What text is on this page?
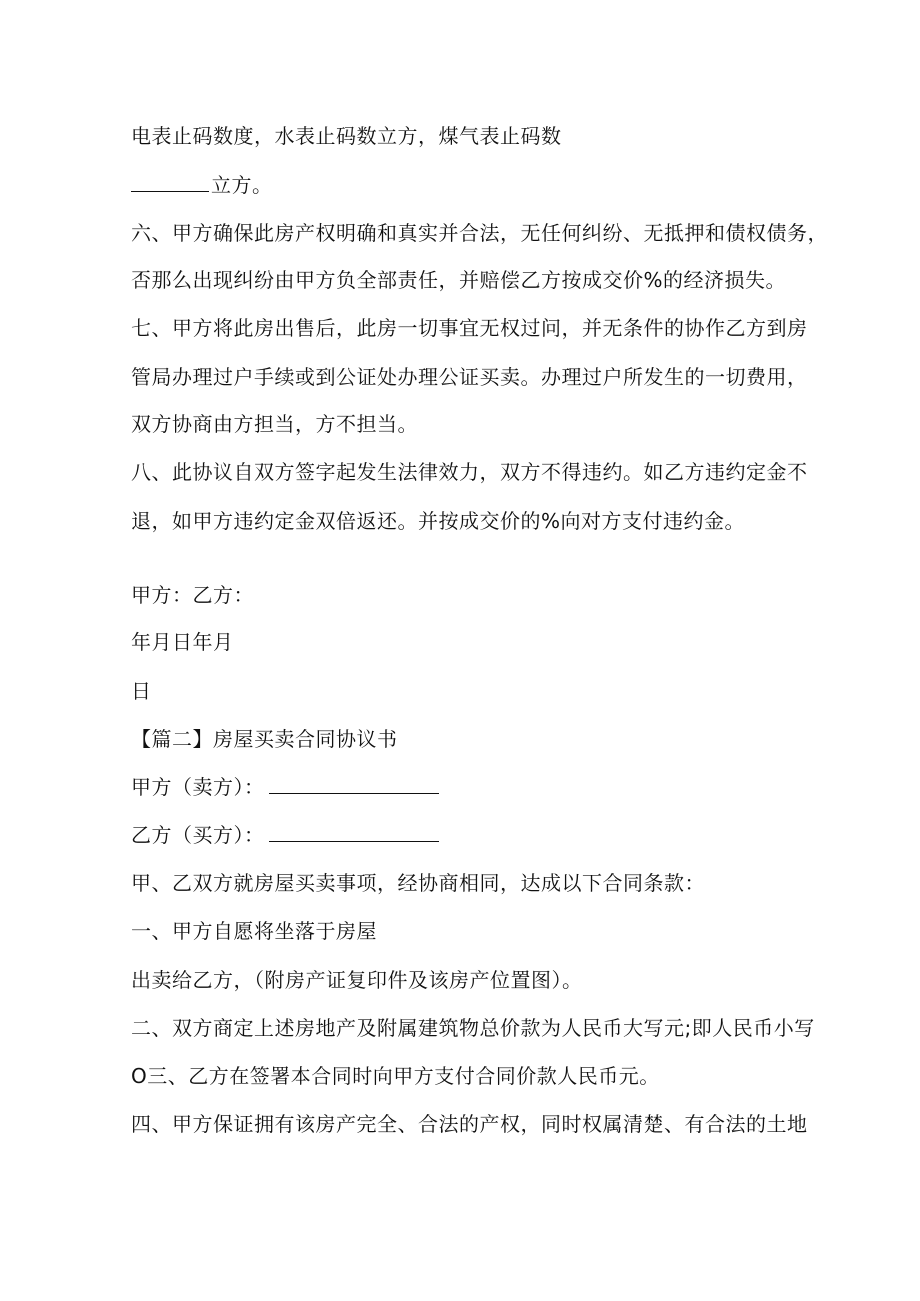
电表止码数度，水表止码数立方，煤气表止码数
立方。
六、甲方确保此房产权明确和真实并合法，无任何纠纷、无抵押和债权债务，
否那么出现纠纷由甲方负全部责任，并赔偿乙方按成交价%的经济损失。
七、甲方将此房出售后，此房一切事宜无权过问，并无条件的协作乙方到房
管局办理过户手续或到公证处办理公证买卖。办理过户所发生的一切费用，
双方协商由方担当，方不担当。
八、此协议自双方签字起发生法律效力，双方不得违约。如乙方违约定金不
退，如甲方违约定金双倍返还。并按成交价的%向对方支付违约金。
甲方：乙方：
年月日年月
日
【篇二】房屋买卖合同协议书
甲方（卖方）：
乙方（买方）：
甲、乙双方就房屋买卖事项，经协商相同，达成以下合同条款：
一、甲方自愿将坐落于房屋
出卖给乙方，（附房产证复印件及该房产位置图）。
二、双方商定上述房地产及附属建筑物总价款为人民币大写元;即人民币小写
O三、乙方在签署本合同时向甲方支付合同价款人民币元。
四、甲方保证拥有该房产完全、合法的产权，同时权属清楚、有合法的土地
